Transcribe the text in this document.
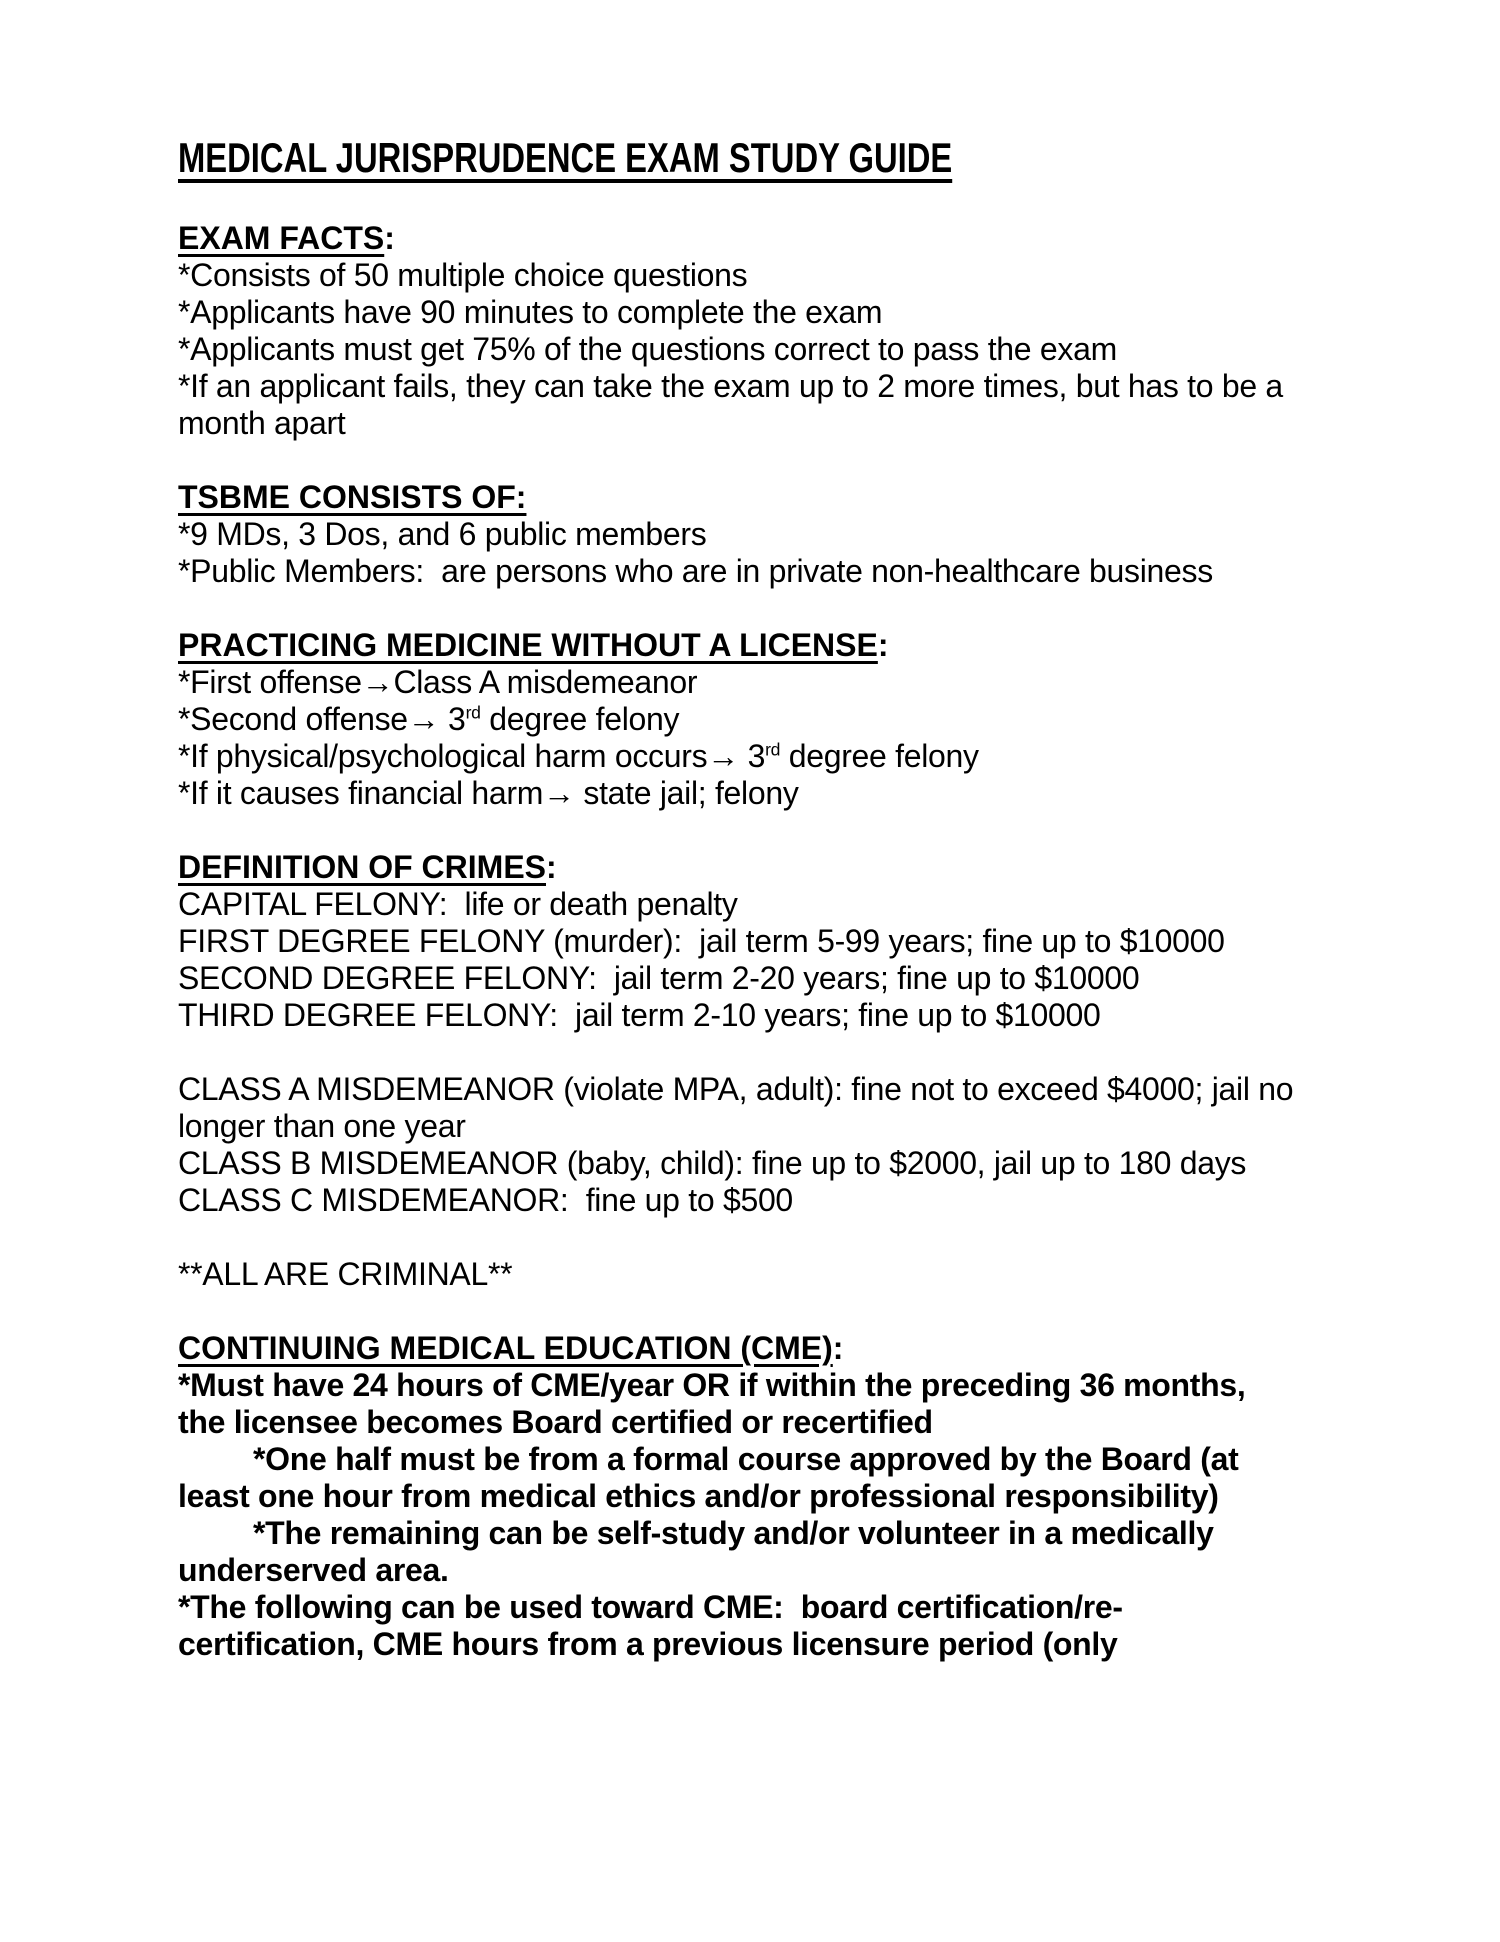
MEDICAL JURISPRUDENCE EXAM STUDY GUIDE
EXAM FACTS:

*Consists of 50 multiple choice questions

*Applicants have 90 minutes to complete the exam

*Applicants must get 75% of the questions correct to pass the exam

*If an applicant fails, they can take the exam up to 2 more times, but has to be a month apart

TSBME CONSISTS OF:

*9 MDs, 3 Dos, and 6 public members

*Public Members:  are persons who are in private non-healthcare business

PRACTICING MEDICINE WITHOUT A LICENSE:

*First offense→Class A misdemeanor

*Second offense→ 3rd degree felony

*If physical/psychological harm occurs→ 3rd degree felony

*If it causes financial harm→ state jail; felony

DEFINITION OF CRIMES:

CAPITAL FELONY:  life or death penalty

FIRST DEGREE FELONY (murder):  jail term 5-99 years; fine up to $10000

SECOND DEGREE FELONY:  jail term 2-20 years; fine up to $10000

THIRD DEGREE FELONY:  jail term 2-10 years; fine up to $10000

CLASS A MISDEMEANOR (violate MPA, adult): fine not to exceed $4000; jail no longer than one year

CLASS B MISDEMEANOR (baby, child): fine up to $2000, jail up to 180 days

CLASS C MISDEMEANOR:  fine up to $500

**ALL ARE CRIMINAL**

CONTINUING MEDICAL EDUCATION (CME):

*Must have 24 hours of CME/year OR if within the preceding 36 months, the licensee becomes Board certified or recertified

*One half must be from a formal course approved by the Board (at least one hour from medical ethics and/or professional responsibility)

*The remaining can be self-study and/or volunteer in a medically underserved area.

*The following can be used toward CME:  board certification/re-certification, CME hours from a previous licensure period (only
